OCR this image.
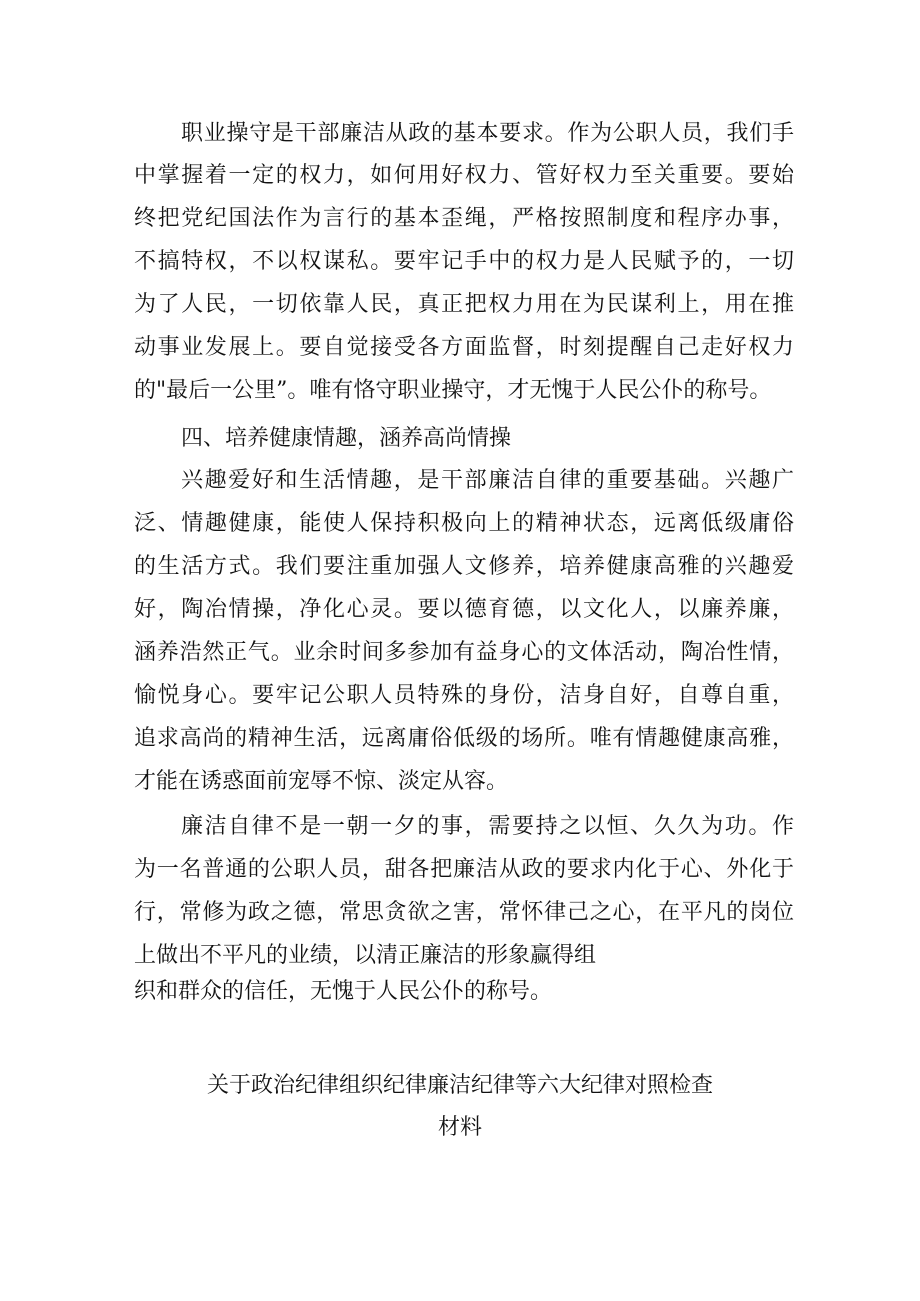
职业操守是干部廉洁从政的基本要求。作为公职人员，我们手
中掌握着一定的权力，如何用好权力、管好权力至关重要。要始
终把党纪国法作为言行的基本歪绳，严格按照制度和程序办事，
不搞特权，不以权谋私。要牢记手中的权力是人民赋予的，一切
为了人民，一切依靠人民，真正把权力用在为民谋利上，用在推
动事业发展上。要自觉接受各方面监督，时刻提醒自己走好权力
的"最后一公里”。唯有恪守职业操守，才无愧于人民公仆的称号。
四、培养健康情趣，涵养高尚情操
兴趣爱好和生活情趣，是干部廉洁自律的重要基础。兴趣广
泛、情趣健康，能使人保持积极向上的精神状态，远离低级庸俗
的生活方式。我们要注重加强人文修养，培养健康高雅的兴趣爱
好，陶冶情操，净化心灵。要以德育德，以文化人，以廉养廉，
涵养浩然正气。业余时间多参加有益身心的文体活动，陶冶性情，
愉悦身心。要牢记公职人员特殊的身份，洁身自好，自尊自重，
追求高尚的精神生活，远离庸俗低级的场所。唯有情趣健康高雅，
才能在诱惑面前宠辱不惊、淡定从容。
廉洁自律不是一朝一夕的事，需要持之以恒、久久为功。作
为一名普通的公职人员，甜各把廉洁从政的要求内化于心、外化于
行，常修为政之德，常思贪欲之害，常怀律己之心，在平凡的岗位
上做出不平凡的业绩，以清正廉洁的形象赢得组
织和群众的信任，无愧于人民公仆的称号。
关于政治纪律组织纪律廉洁纪律等六大纪律对照检查
材料
